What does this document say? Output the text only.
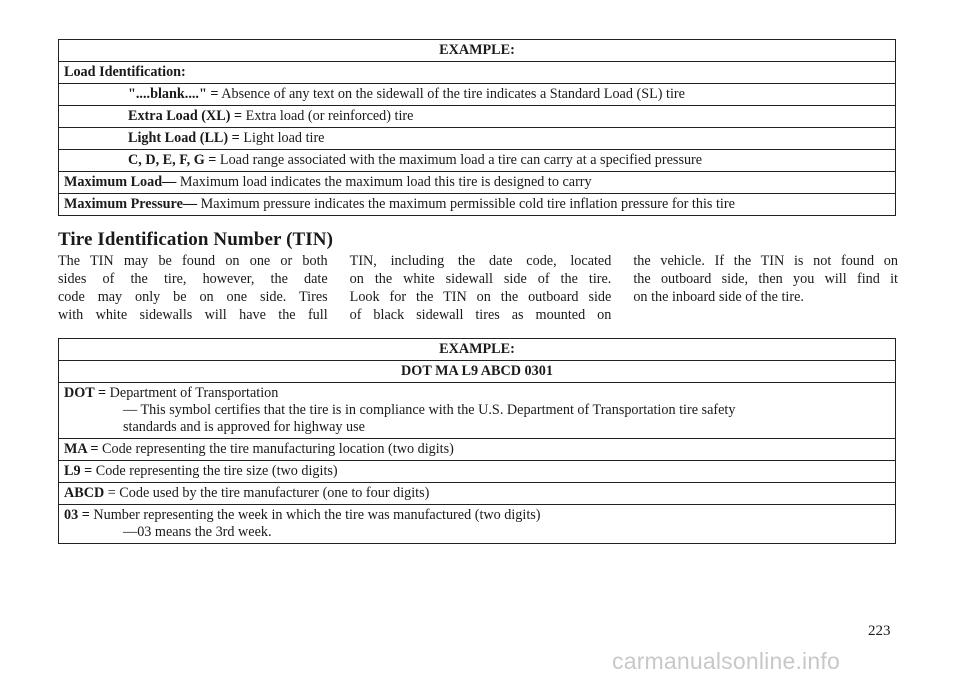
EXAMPLE:
Load Identification:
"....blank...." = Absence of any text on the sidewall of the tire indicates a Standard Load (SL) tire
Extra Load (XL) = Extra load (or reinforced) tire
Light Load (LL) = Light load tire
C, D, E, F, G = Load range associated with the maximum load a tire can carry at a specified pressure
Maximum Load— Maximum load indicates the maximum load this tire is designed to carry
Maximum Pressure— Maximum pressure indicates the maximum permissible cold tire inflation pressure for this tire
Tire Identification Number (TIN)
The TIN may be found on one or both
sides of the tire, however, the date
code may only be on one side. Tires
with white sidewalls will have the full
TIN, including the date code, located
on the white sidewall side of the tire.
Look for the TIN on the outboard side
of black sidewall tires as mounted on
the vehicle. If the TIN is not found on
the outboard side, then you will find it
on the inboard side of the tire.
EXAMPLE:
DOT MA L9 ABCD 0301
DOT = Department of Transportation
— This symbol certifies that the tire is in compliance with the U.S. Department of Transportation tire safety
standards and is approved for highway use

MA = Code representing the tire manufacturing location (two digits)
L9 = Code representing the tire size (two digits)
ABCD = Code used by the tire manufacturer (one to four digits)
03 = Number representing the week in which the tire was manufactured (two digits)
—03 means the 3rd week.
223
carmanualsonline.info
